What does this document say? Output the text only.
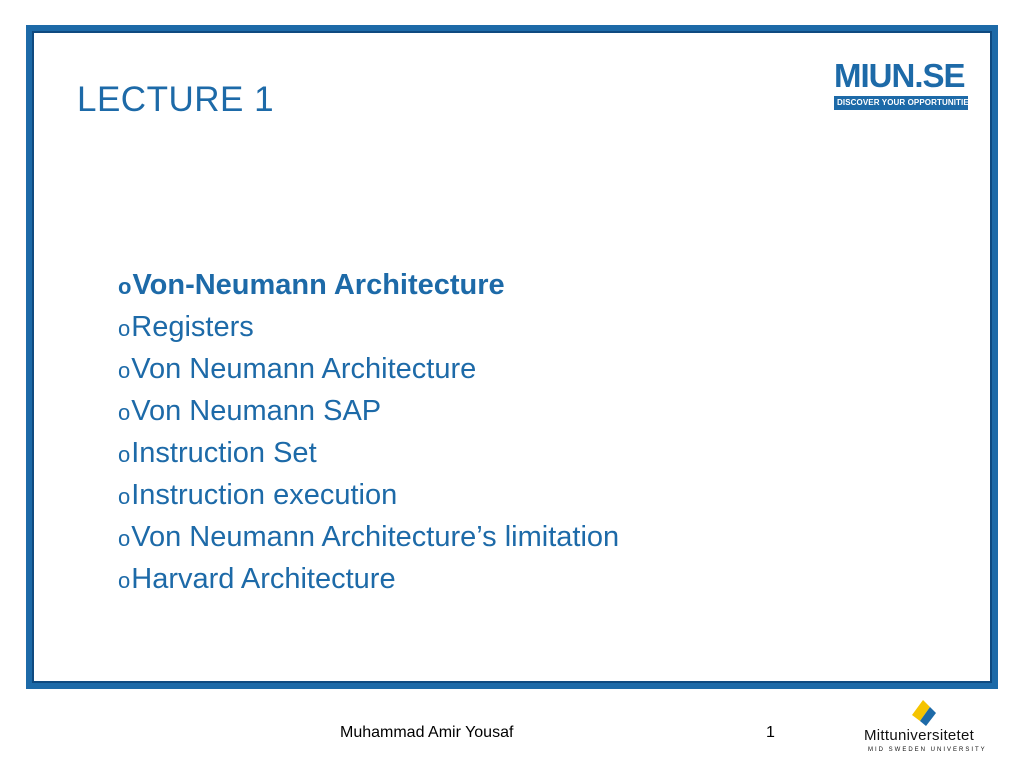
LECTURE 1
MIUN.SE
DISCOVER YOUR OPPORTUNITIES
oVon-Neumann Architecture
oRegisters
oVon Neumann Architecture
oVon Neumann SAP
oInstruction Set
oInstruction execution
oVon Neumann Architecture’s limitation
oHarvard Architecture
Muhammad Amir Yousaf	1	Mittuniversitetet
MID SWEDEN UNIVERSITY
